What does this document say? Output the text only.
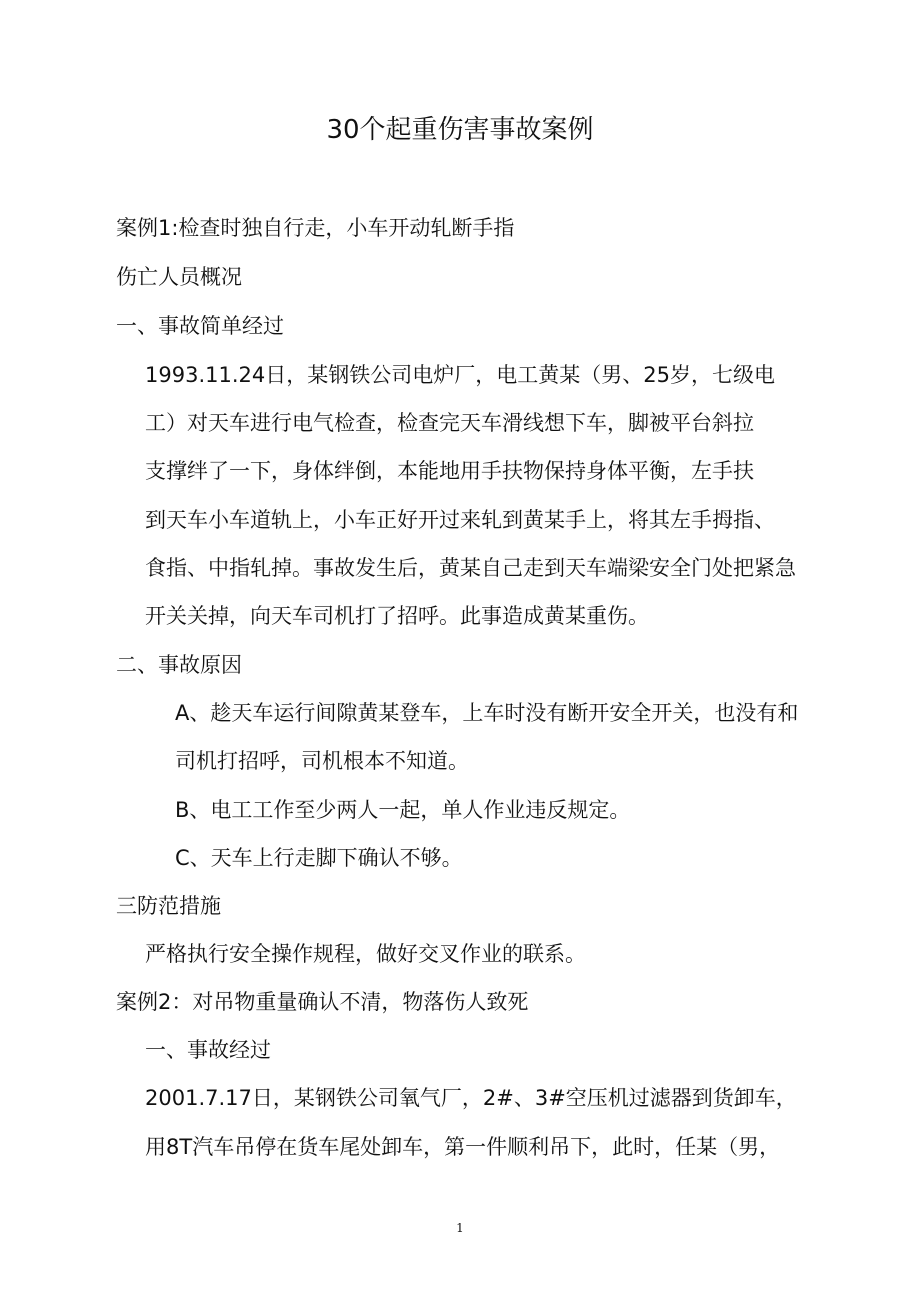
30个起重伤害事故案例
案例1:检查时独自行走，小车开动轧断手指
伤亡人员概况
一、事故简单经过
1993.11.24日，某钢铁公司电炉厂，电工黄某（男、25岁，七级电
工）对天车进行电气检查，检查完天车滑线想下车，脚被平台斜拉
支撑绊了一下，身体绊倒，本能地用手扶物保持身体平衡，左手扶
到天车小车道轨上，小车正好开过来轧到黄某手上，将其左手拇指、
食指、中指轧掉。事故发生后，黄某自己走到天车端梁安全门处把紧急
开关关掉，向天车司机打了招呼。此事造成黄某重伤。
二、事故原因
A、趁天车运行间隙黄某登车，上车时没有断开安全开关，也没有和
司机打招呼，司机根本不知道。
B、电工工作至少两人一起，单人作业违反规定。
C、天车上行走脚下确认不够。
三防范措施
严格执行安全操作规程，做好交叉作业的联系。
案例2：对吊物重量确认不清，物落伤人致死
一、事故经过
2001.7.17日，某钢铁公司氧气厂，2#、3#空压机过滤器到货卸车，
用8T汽车吊停在货车尾处卸车，第一件顺利吊下，此时，任某（男，
1
